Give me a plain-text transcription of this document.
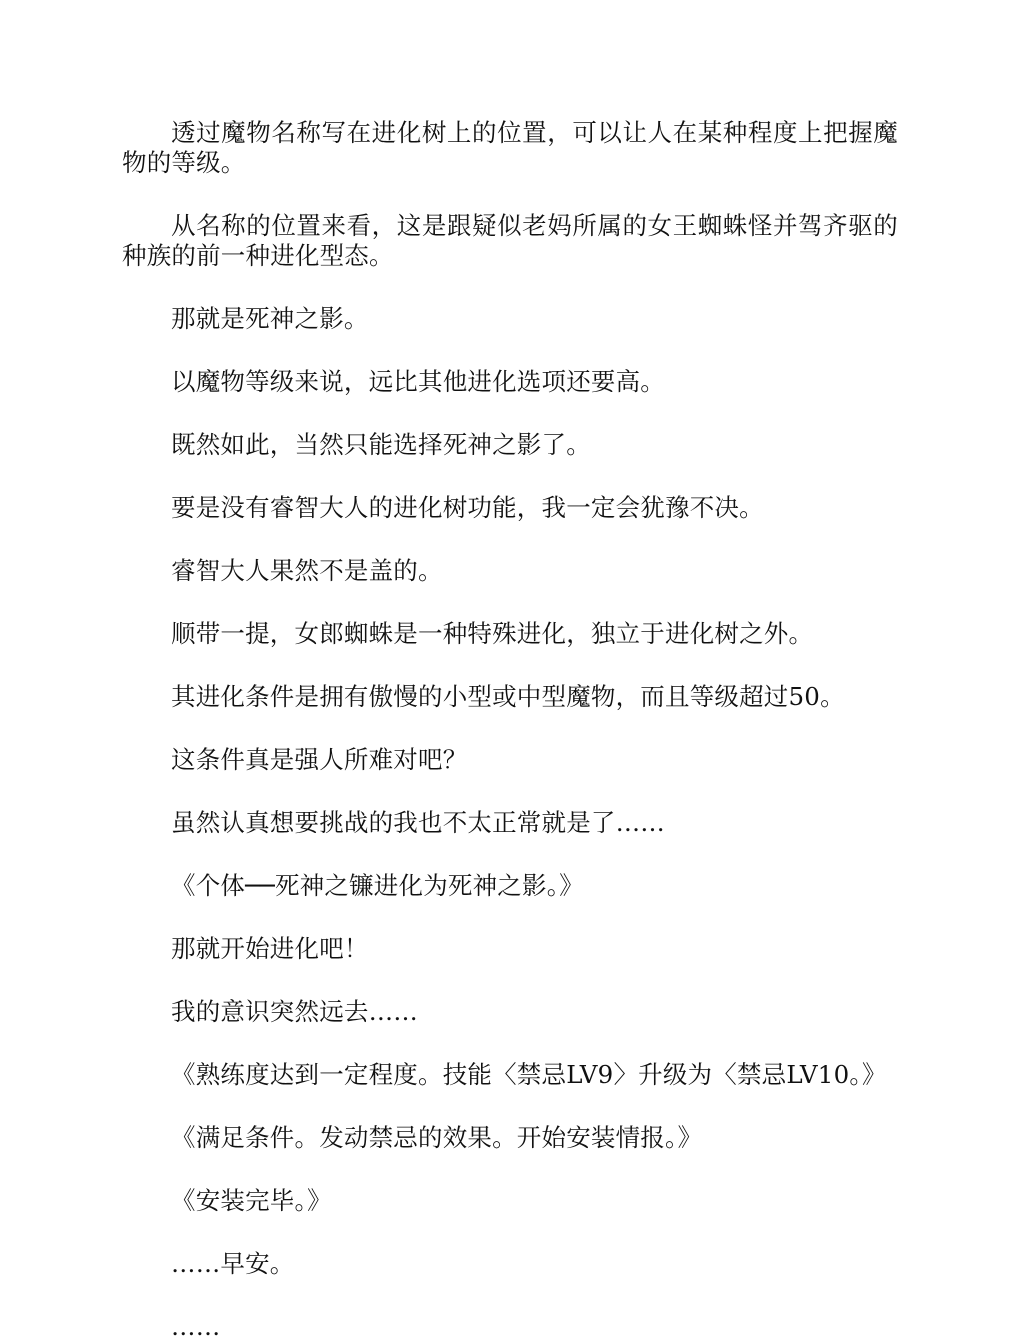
透过魔物名称写在进化树上的位置，可以让人在某种程度上把握魔物的等级。

从名称的位置来看，这是跟疑似老妈所属的女王蜘蛛怪并驾齐驱的种族的前一种进化型态。

那就是死神之影。

以魔物等级来说，远比其他进化选项还要高。

既然如此，当然只能选择死神之影了。

要是没有睿智大人的进化树功能，我一定会犹豫不决。

睿智大人果然不是盖的。

顺带一提，女郎蜘蛛是一种特殊进化，独立于进化树之外。

其进化条件是拥有傲慢的小型或中型魔物，而且等级超过50。

这条件真是强人所难对吧？

虽然认真想要挑战的我也不太正常就是了……

《个体──死神之镰进化为死神之影。》

那就开始进化吧！

我的意识突然远去……

《熟练度达到一定程度。技能〈禁忌LV9〉升级为〈禁忌LV10。》

《满足条件。发动禁忌的效果。开始安装情报。》

《安装完毕。》

……早安。

……
